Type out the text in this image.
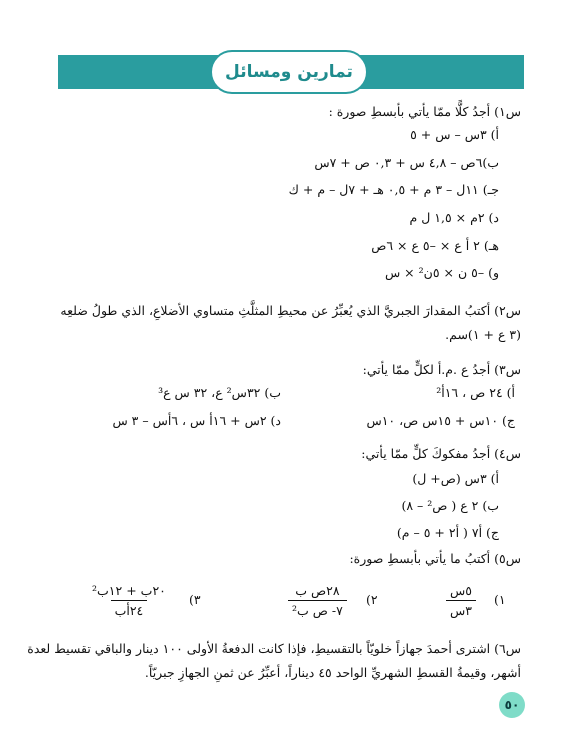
تمارين ومسائل
س١) أجدُ كلًّا ممّا يأتي بأبسطِ صورة :
أ) ٣س – س + ٥
ب)٦ص – ٤,٨ س + ٠,٣ ص + ٧س
جـ) ١١ل – ٣ م + ٠,٥ هـ + ٧ل – م + ك
د) ٢م × ١,٥ ل م
هـ) ٢ أ ع × –٥ ع × ٦ص
و) –٥ ن × ٥ن² × س
س٢) أكتبُ المقدارَ الجبريَّ الذي يُعبِّرُ عن محيطِ المثلَّثِ متساوي الأضلاعِ، الذي طولُ ضلعِه
(٣ ع + ١)سم.
س٣) أجدُ ع .م.أ لكلٍّ ممّا يأتي:
أ) ٢٤ ص ، ١٦أ²
ب) ٣٢س² ع، ٣٢ س ع³
ج) ١٠س + ١٥س ص، ١٠س
د) ٢س + ١٦أ س ، ٦أس – ٣ س
س٤) أجدُ مفكوكَ كلٍّ ممّا يأتي:
أ) ٣س (ص+ ل)
ب) ٢ ع ( ص² – ٨)
ج) أ٧ ( أ٢ + ٥ – م)
س٥) أكتبُ ما يأتي بأبسطِ صورة:
١)
٥س
٣س
٢)
٢٨ص ب
٧- ص ب²
٣)
٢٠ب + ١٢ب²
٢٤أب
س٦) اشترى أحمدَ جهازاً خلويّاً بالتقسيطِ، فإذا كانت الدفعةُ الأولى ١٠٠ دينار والباقي تقسيط لعدة
أشهر، وقيمةُ القسطِ الشهريِّ الواحد ٤٥ ديناراً، أعبِّرُ عن ثمنِ الجهازِ جبريّاً.
٥٠
